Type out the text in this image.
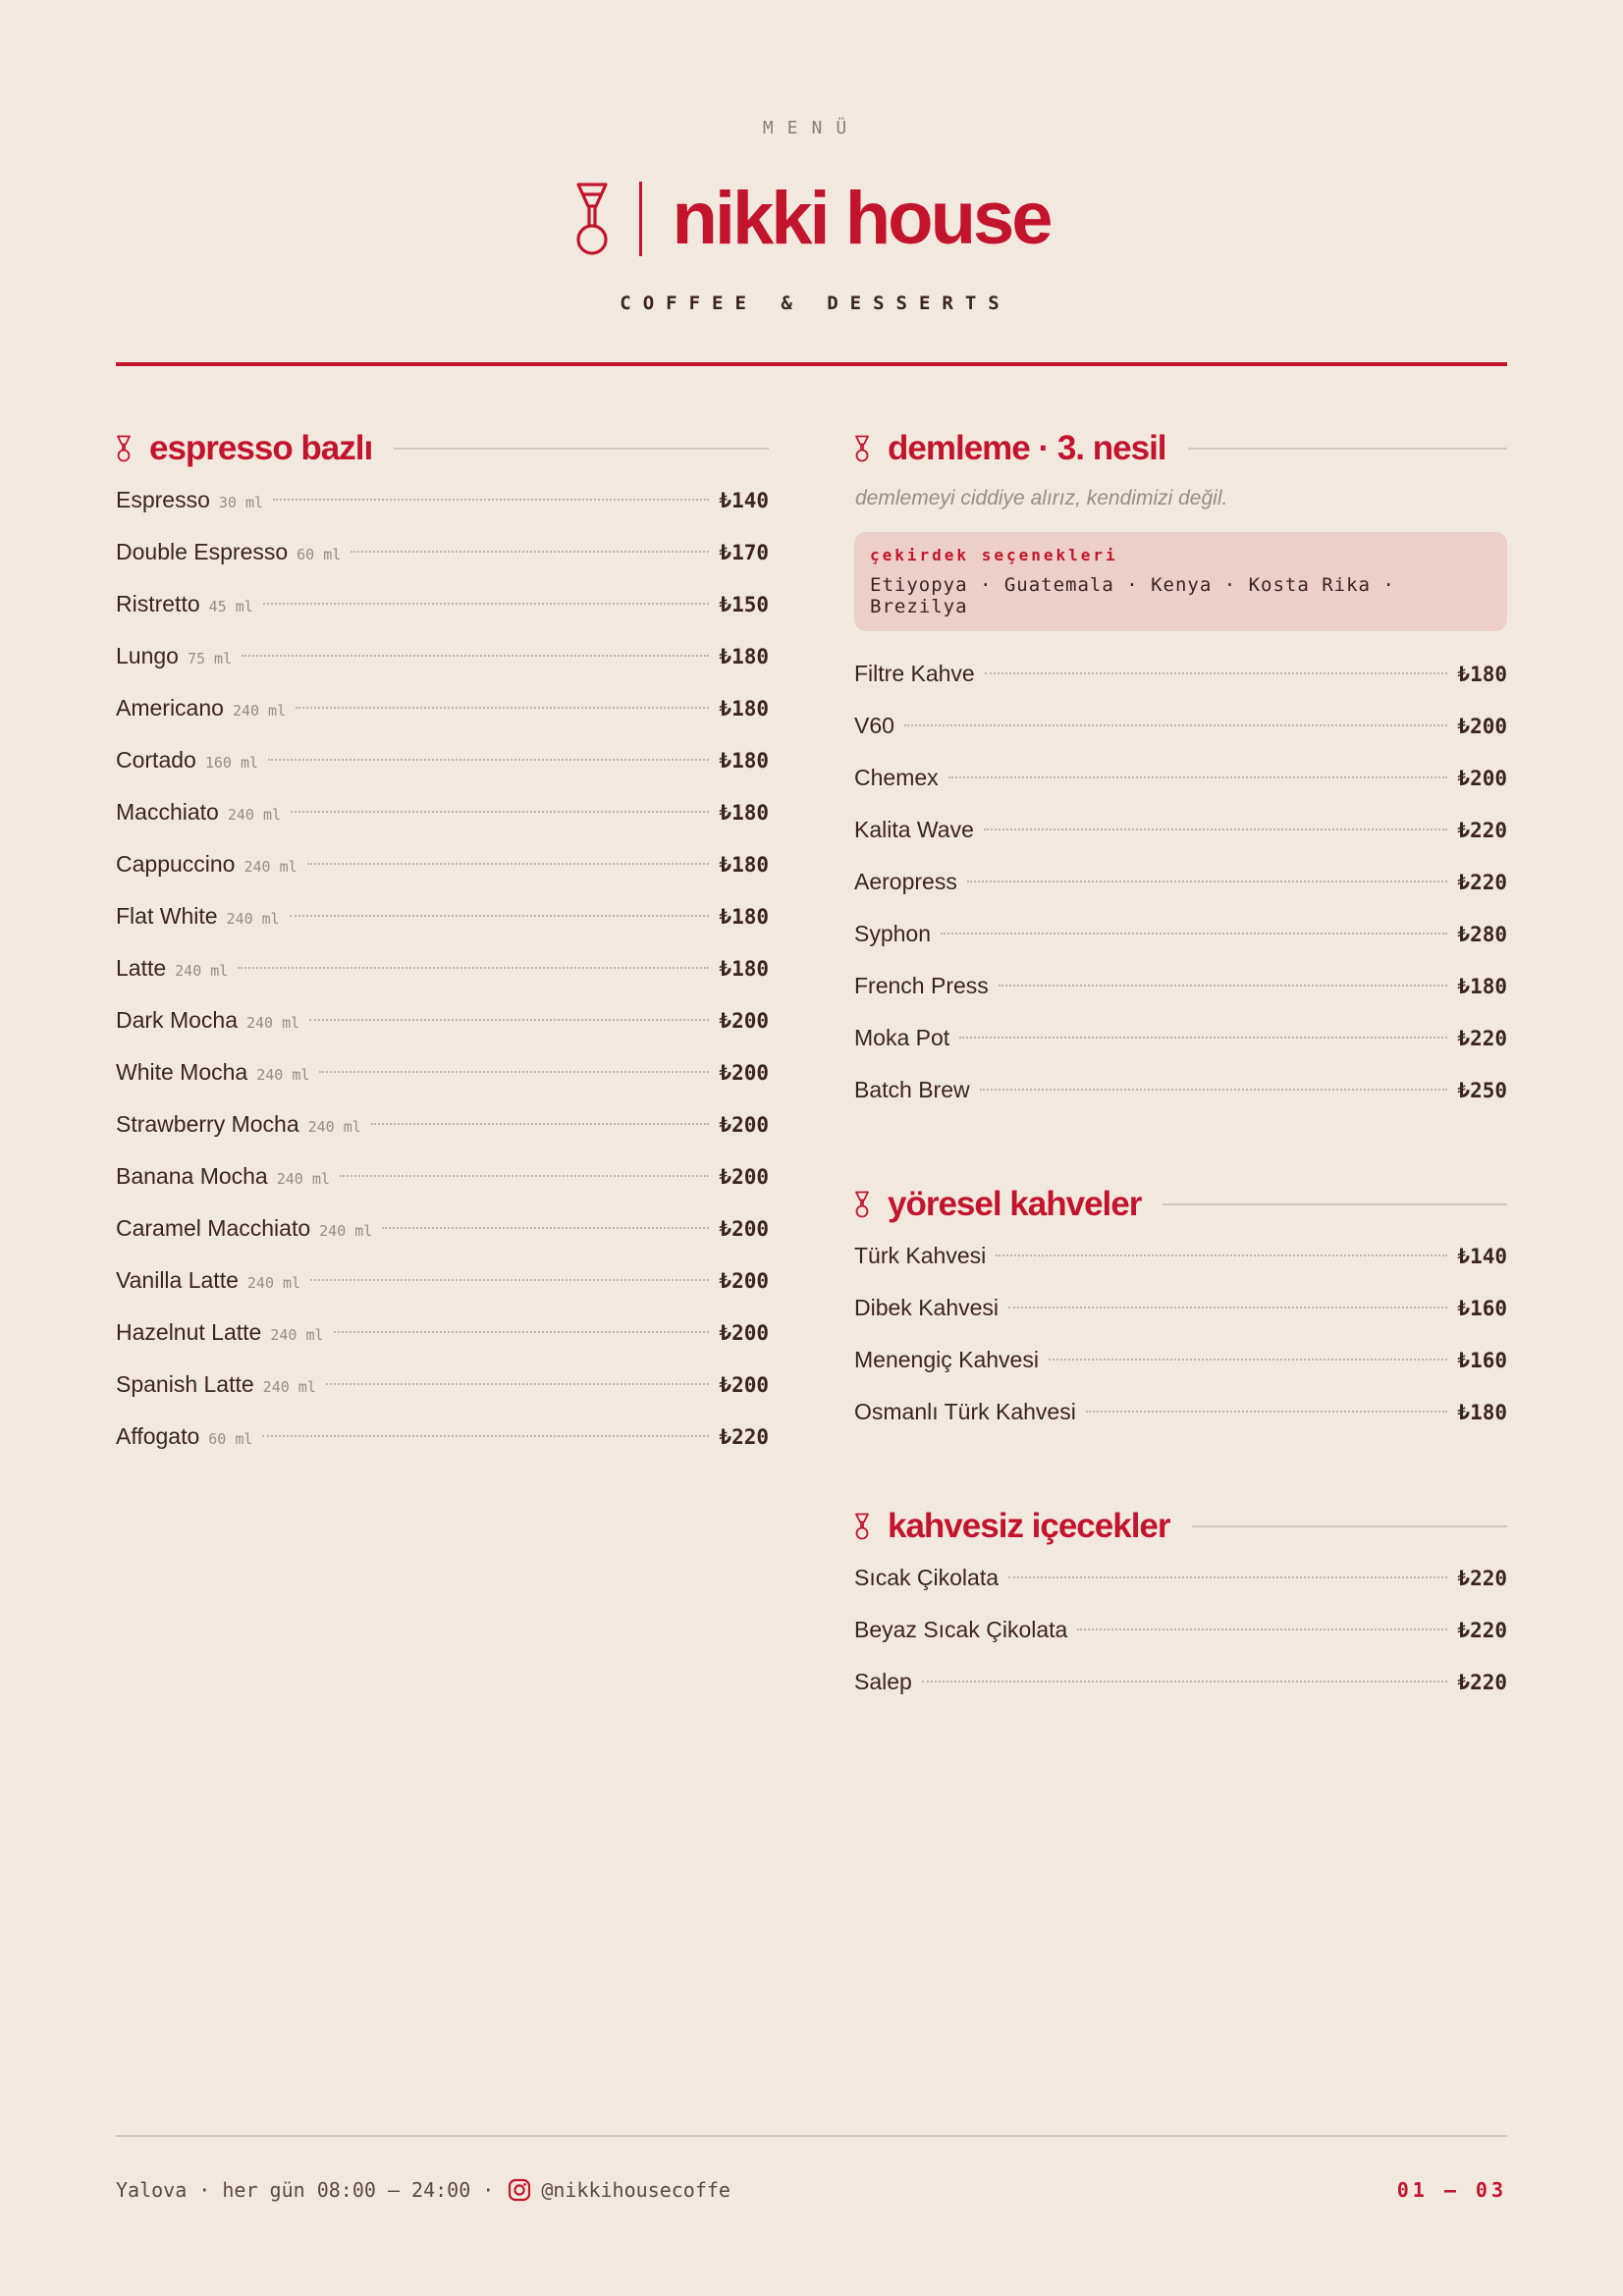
MENÜ
nikki house
COFFEE & DESSERTS
espresso bazlı
Espresso 30 ml	₺140
Double Espresso 60 ml	₺170
Ristretto 45 ml	₺150
Lungo 75 ml	₺180
Americano 240 ml	₺180
Cortado 160 ml	₺180
Macchiato 240 ml	₺180
Cappuccino 240 ml	₺180
Flat White 240 ml	₺180
Latte 240 ml	₺180
Dark Mocha 240 ml	₺200
White Mocha 240 ml	₺200
Strawberry Mocha 240 ml	₺200
Banana Mocha 240 ml	₺200
Caramel Macchiato 240 ml	₺200
Vanilla Latte 240 ml	₺200
Hazelnut Latte 240 ml	₺200
Spanish Latte 240 ml	₺200
Affogato 60 ml	₺220
demleme · 3. nesil
demlemeyi ciddiye alırız, kendimizi değil.
çekirdek seçenekleri
Etiyopya · Guatemala · Kenya · Kosta Rika · Brezilya
Filtre Kahve	₺180
V60	₺200
Chemex	₺200
Kalita Wave	₺220
Aeropress	₺220
Syphon	₺280
French Press	₺180
Moka Pot	₺220
Batch Brew	₺250
yöresel kahveler
Türk Kahvesi	₺140
Dibek Kahvesi	₺160
Menengiç Kahvesi	₺160
Osmanlı Türk Kahvesi	₺180
kahvesiz içecekler
Sıcak Çikolata	₺220
Beyaz Sıcak Çikolata	₺220
Salep	₺220
Yalova · her gün 08:00 – 24:00 · @nikkihousecoffe	01 — 03
